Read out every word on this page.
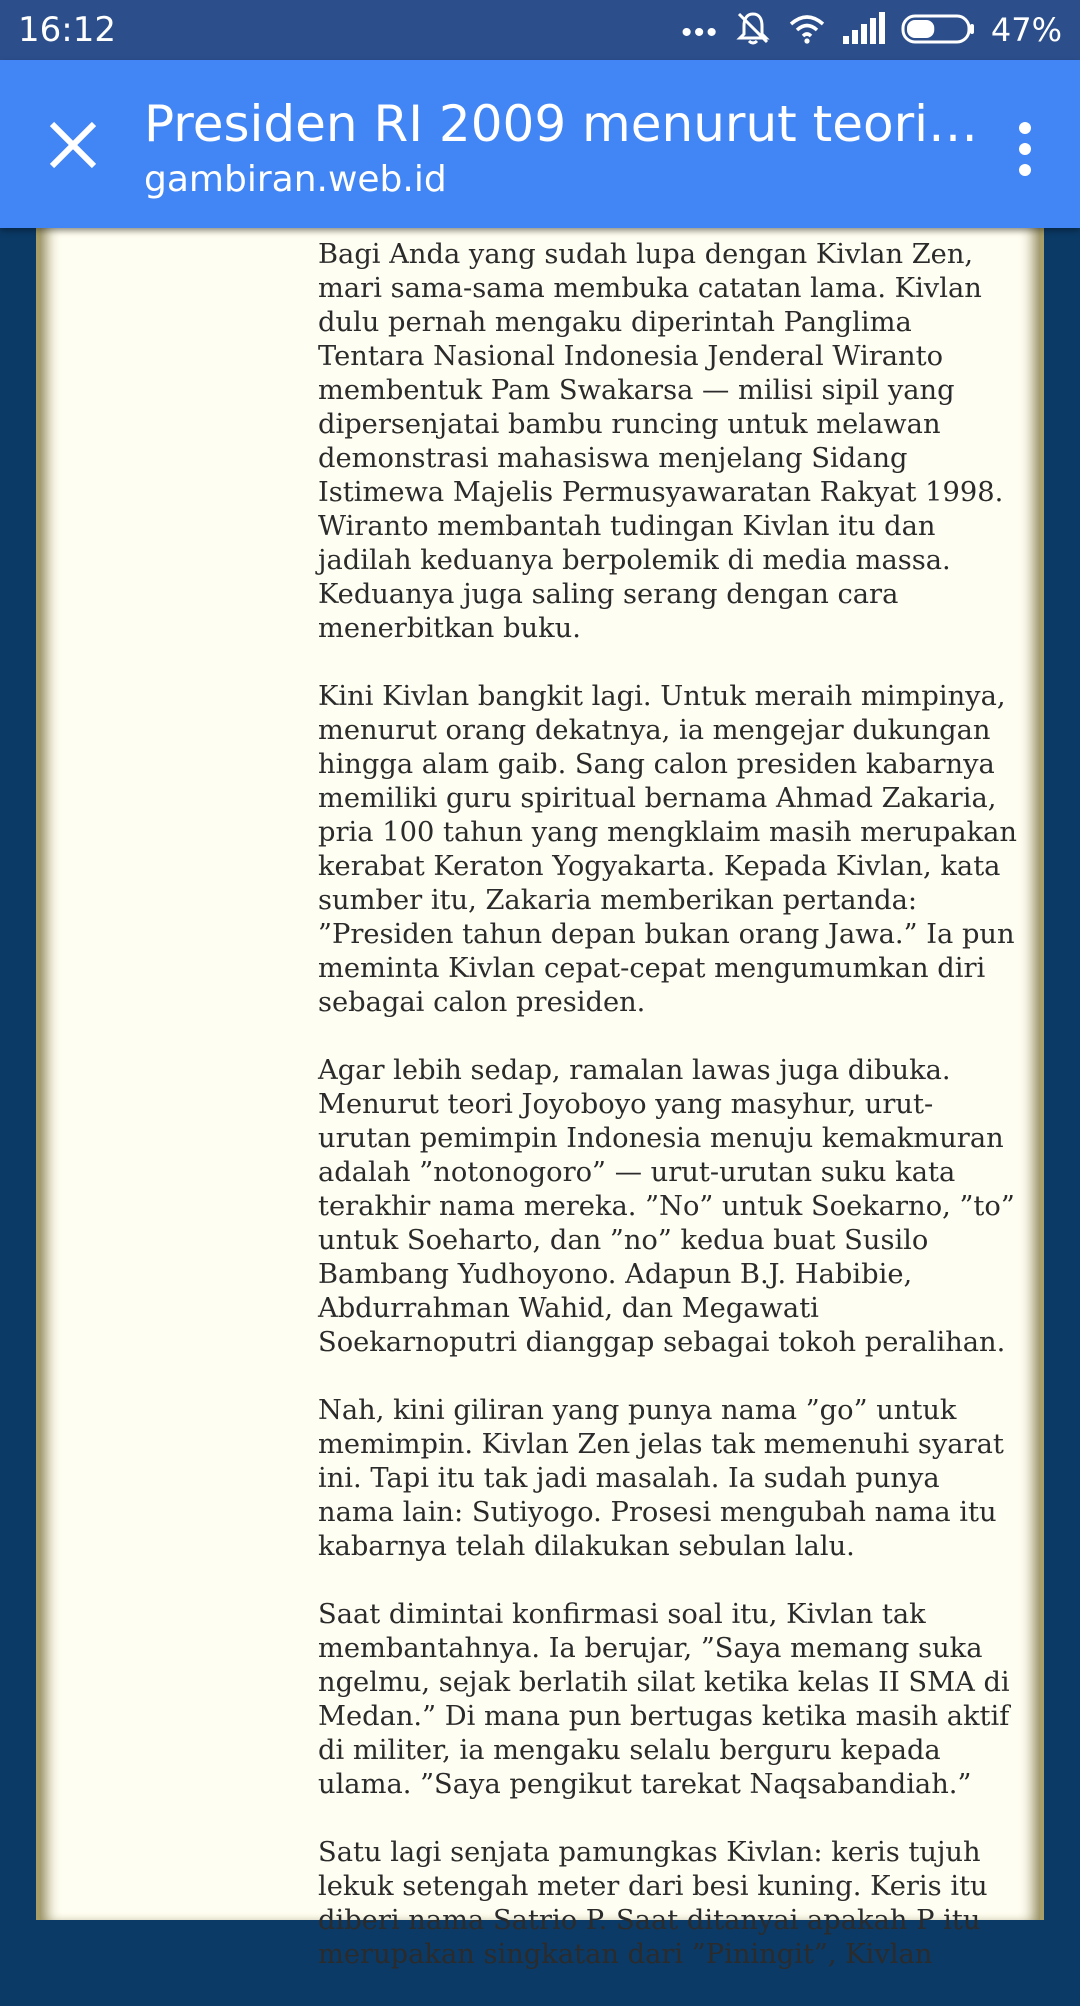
16:12	•••	47%
Presiden RI 2009 menurut teori…
gambiran.web.id

Bagi Anda yang sudah lupa dengan Kivlan Zen, mari sama-sama membuka catatan lama. Kivlan dulu pernah mengaku diperintah Panglima Tentara Nasional Indonesia Jenderal Wiranto membentuk Pam Swakarsa — milisi sipil yang dipersenjatai bambu runcing untuk melawan demonstrasi mahasiswa menjelang Sidang Istimewa Majelis Permusyawaratan Rakyat 1998. Wiranto membantah tudingan Kivlan itu dan jadilah keduanya berpolemik di media massa. Keduanya juga saling serang dengan cara menerbitkan buku.

Kini Kivlan bangkit lagi. Untuk meraih mimpinya, menurut orang dekatnya, ia mengejar dukungan hingga alam gaib. Sang calon presiden kabarnya memiliki guru spiritual bernama Ahmad Zakaria, pria 100 tahun yang mengklaim masih merupakan kerabat Keraton Yogyakarta. Kepada Kivlan, kata sumber itu, Zakaria memberikan pertanda: ”Presiden tahun depan bukan orang Jawa.” Ia pun meminta Kivlan cepat-cepat mengumumkan diri sebagai calon presiden.

Agar lebih sedap, ramalan lawas juga dibuka. Menurut teori Joyoboyo yang masyhur, urut-urutan pemimpin Indonesia menuju kemakmuran adalah ”notonogoro” — urut-urutan suku kata terakhir nama mereka. ”No” untuk Soekarno, ”to” untuk Soeharto, dan ”no” kedua buat Susilo Bambang Yudhoyono. Adapun B.J. Habibie, Abdurrahman Wahid, dan Megawati Soekarnoputri dianggap sebagai tokoh peralihan.

Nah, kini giliran yang punya nama ”go” untuk memimpin. Kivlan Zen jelas tak memenuhi syarat ini. Tapi itu tak jadi masalah. Ia sudah punya nama lain: Sutiyogo. Prosesi mengubah nama itu kabarnya telah dilakukan sebulan lalu.

Saat dimintai konfirmasi soal itu, Kivlan tak membantahnya. Ia berujar, ”Saya memang suka ngelmu, sejak berlatih silat ketika kelas II SMA di Medan.” Di mana pun bertugas ketika masih aktif di militer, ia mengaku selalu berguru kepada ulama. ”Saya pengikut tarekat Naqsabandiah.”

Satu lagi senjata pamungkas Kivlan: keris tujuh lekuk setengah meter dari besi kuning. Keris itu diberi nama Satrio P. Saat ditanyai apakah P itu merupakan singkatan dari ”Piningit”, Kivlan
